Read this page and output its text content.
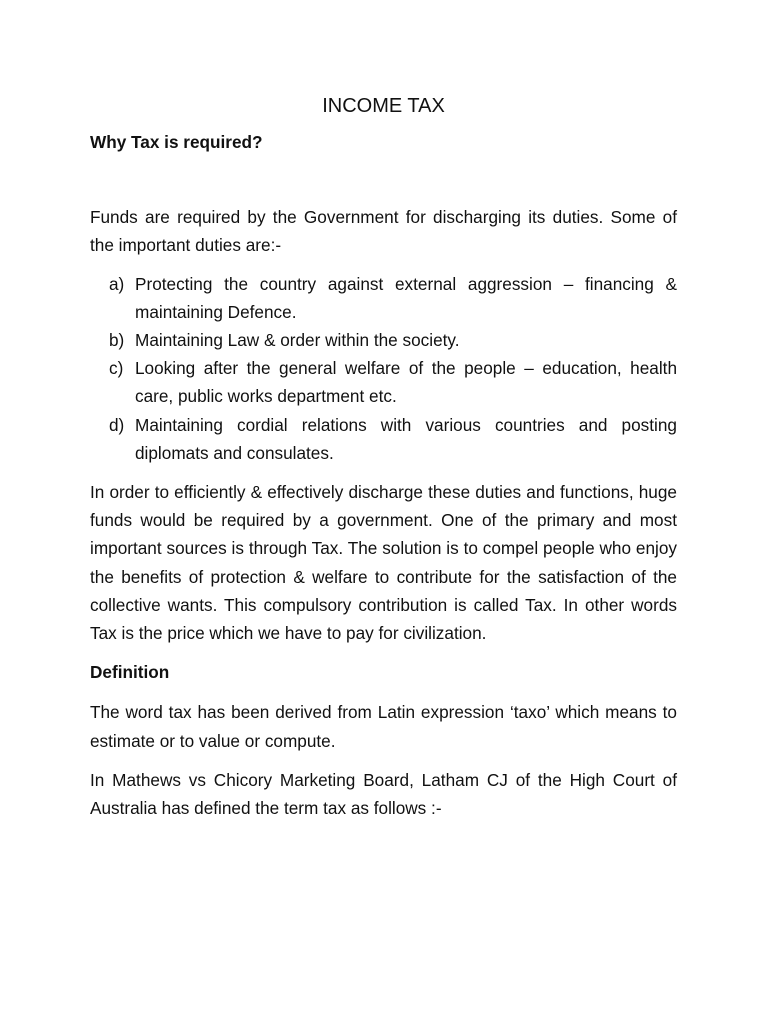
INCOME TAX
Why Tax is required?

Funds are required by the Government for discharging its duties. Some of the important duties are:-

a) Protecting the country against external aggression – financing & maintaining Defence.
b) Maintaining Law & order within the society.
c) Looking after the general welfare of the people – education, health care, public works department etc.
d) Maintaining cordial relations with various countries and posting diplomats and consulates.

In order to efficiently & effectively discharge these duties and functions, huge funds would be required by a government. One of the primary and most important sources is through Tax. The solution is to compel people who enjoy the benefits of protection & welfare to contribute for the satisfaction of the collective wants. This compulsory contribution is called Tax. In other words Tax is the price which we have to pay for civilization.

Definition

The word tax has been derived from Latin expression ‘taxo’ which means to estimate or to value or compute.

In Mathews vs Chicory Marketing Board, Latham CJ of the High Court of Australia has defined the term tax as follows :-
